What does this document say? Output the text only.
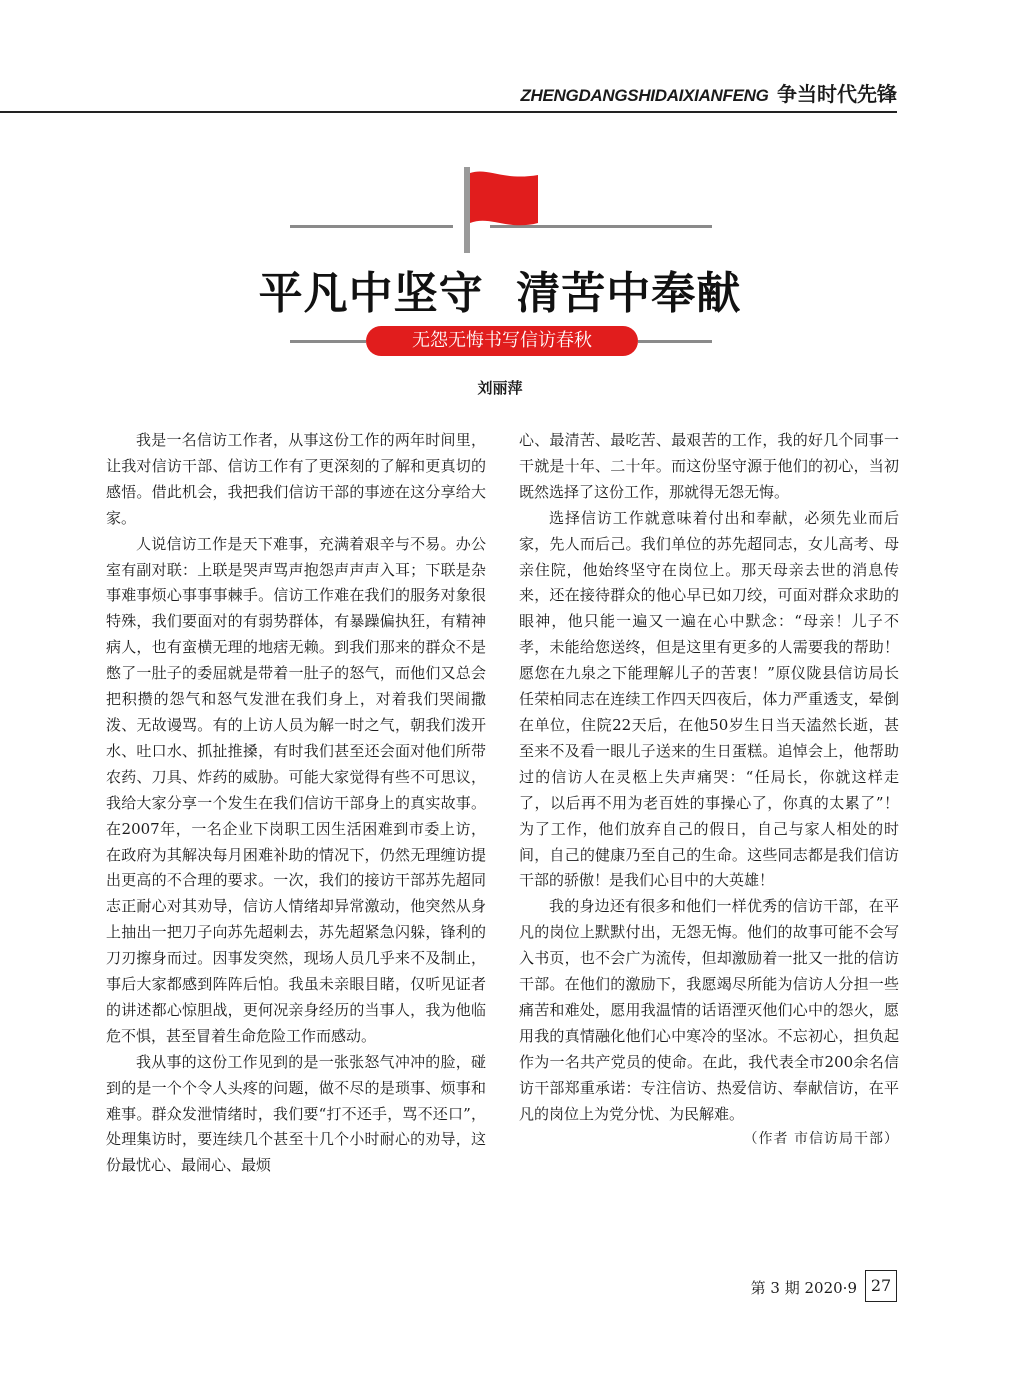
ZHENGDANGSHIDAIXIANFENG 争当时代先锋
平凡中坚守  清苦中奉献
无怨无悔书写信访春秋
刘丽萍

我是一名信访工作者，从事这份工作的两年时间里，让我对信访干部、信访工作有了更深刻的了解和更真切的感悟。借此机会，我把我们信访干部的事迹在这分享给大家。

人说信访工作是天下难事，充满着艰辛与不易。办公室有副对联：上联是哭声骂声抱怨声声声入耳；下联是杂事难事烦心事事事棘手。信访工作难在我们的服务对象很特殊，我们要面对的有弱势群体，有暴躁偏执狂，有精神病人，也有蛮横无理的地痞无赖。到我们那来的群众不是憋了一肚子的委屈就是带着一肚子的怒气，而他们又总会把积攒的怨气和怒气发泄在我们身上，对着我们哭闹撒泼、无故谩骂。有的上访人员为解一时之气，朝我们泼开水、吐口水、抓扯推搡，有时我们甚至还会面对他们所带农药、刀具、炸药的威胁。可能大家觉得有些不可思议，我给大家分享一个发生在我们信访干部身上的真实故事。在2007年，一名企业下岗职工因生活困难到市委上访，在政府为其解决每月困难补助的情况下，仍然无理缠访提出更高的不合理的要求。一次，我们的接访干部苏先超同志正耐心对其劝导，信访人情绪却异常激动，他突然从身上抽出一把刀子向苏先超刺去，苏先超紧急闪躲，锋利的刀刃擦身而过。因事发突然，现场人员几乎来不及制止，事后大家都感到阵阵后怕。我虽未亲眼目睹，仅听见证者的讲述都心惊胆战，更何况亲身经历的当事人，我为他临危不惧，甚至冒着生命危险工作而感动。

我从事的这份工作见到的是一张张怒气冲冲的脸，碰到的是一个个令人头疼的问题，做不尽的是琐事、烦事和难事。群众发泄情绪时，我们要“打不还手，骂不还口”，处理集访时，要连续几个甚至十几个小时耐心的劝导，这份最忧心、最闹心、最烦

心、最清苦、最吃苦、最艰苦的工作，我的好几个同事一干就是十年、二十年。而这份坚守源于他们的初心，当初既然选择了这份工作，那就得无怨无悔。

选择信访工作就意味着付出和奉献，必须先业而后家，先人而后己。我们单位的苏先超同志，女儿高考、母亲住院，他始终坚守在岗位上。那天母亲去世的消息传来，还在接待群众的他心早已如刀绞，可面对群众求助的眼神，他只能一遍又一遍在心中默念：“母亲！儿子不孝，未能给您送终，但是这里有更多的人需要我的帮助！愿您在九泉之下能理解儿子的苦衷！”原仪陇县信访局长任荣柏同志在连续工作四天四夜后，体力严重透支，晕倒在单位，住院22天后，在他50岁生日当天溘然长逝，甚至来不及看一眼儿子送来的生日蛋糕。追悼会上，他帮助过的信访人在灵柩上失声痛哭：“任局长，你就这样走了，以后再不用为老百姓的事操心了，你真的太累了”！为了工作，他们放弃自己的假日，自己与家人相处的时间，自己的健康乃至自己的生命。这些同志都是我们信访干部的骄傲！是我们心目中的大英雄！

我的身边还有很多和他们一样优秀的信访干部，在平凡的岗位上默默付出，无怨无悔。他们的故事可能不会写入书页，也不会广为流传，但却激励着一批又一批的信访干部。在他们的激励下，我愿竭尽所能为信访人分担一些痛苦和难处，愿用我温情的话语湮灭他们心中的怨火，愿用我的真情融化他们心中寒冷的坚冰。不忘初心，担负起作为一名共产党员的使命。在此，我代表全市200余名信访干部郑重承诺：专注信访、热爱信访、奉献信访，在平凡的岗位上为党分忧、为民解难。

（作者 市信访局干部）
第 3 期 2020·9 27
